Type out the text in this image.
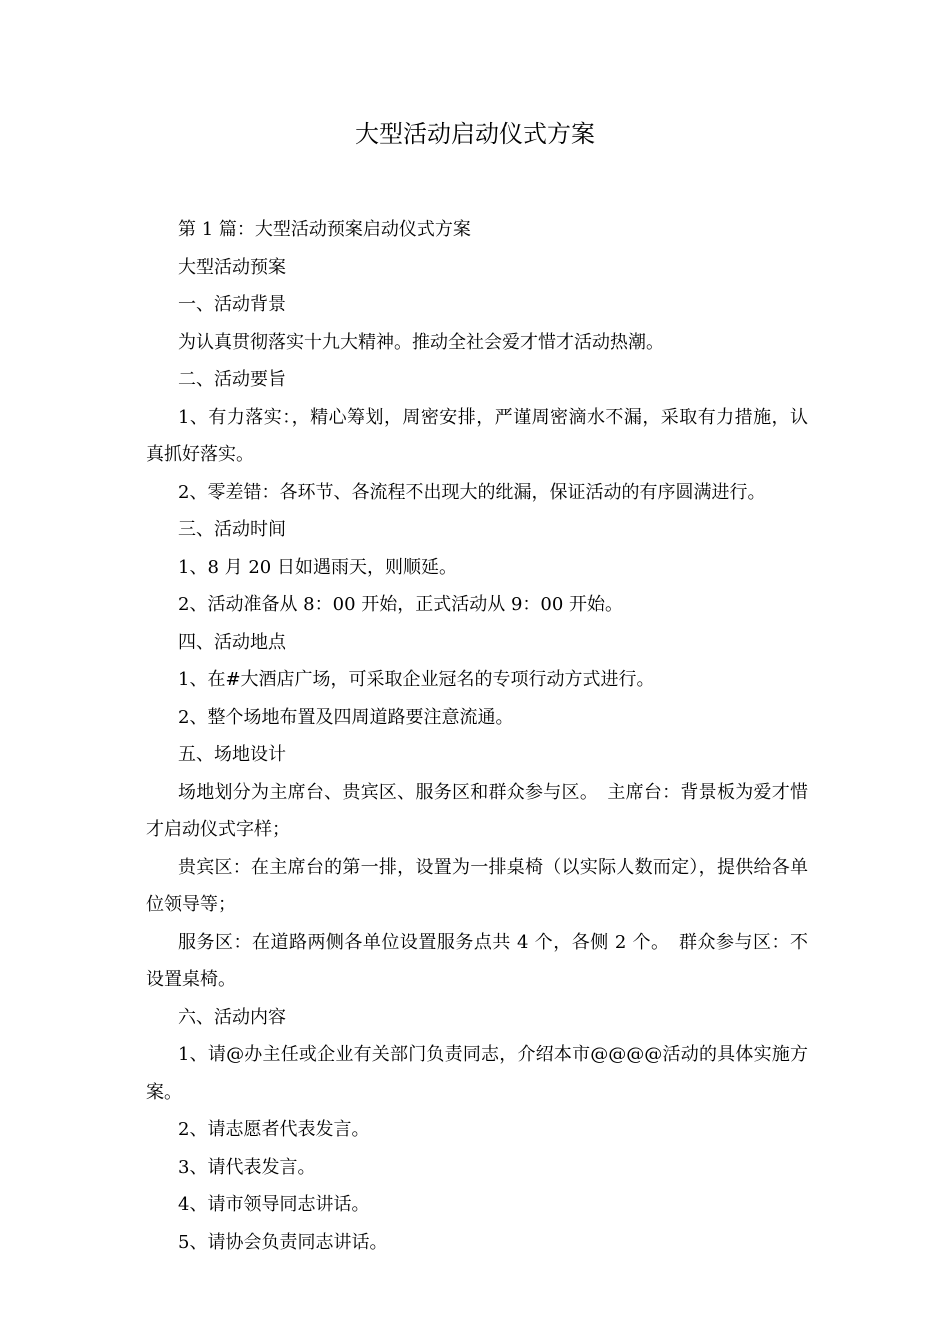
大型活动启动仪式方案

第 1 篇：大型活动预案启动仪式方案

大型活动预案

一、活动背景

为认真贯彻落实十九大精神。推动全社会爱才惜才活动热潮。

二、活动要旨

1、有力落实：，精心筹划，周密安排，严谨周密滴水不漏，采取有力措施，认真抓好落实。

2、零差错：各环节、各流程不出现大的纰漏，保证活动的有序圆满进行。

三、活动时间

1、8 月 20 日如遇雨天，则顺延。

2、活动准备从 8：00 开始，正式活动从 9：00 开始。

四、活动地点

1、在#大酒店广场，可采取企业冠名的专项行动方式进行。

2、整个场地布置及四周道路要注意流通。

五、场地设计

场地划分为主席台、贵宾区、服务区和群众参与区。　主席台：背景板为爱才惜才启动仪式字样；

贵宾区：在主席台的第一排，设置为一排桌椅（以实际人数而定），提供给各单位领导等；

服务区：在道路两侧各单位设置服务点共 4 个，各侧 2 个。　群众参与区：不设置桌椅。

六、活动内容

1、请@办主任或企业有关部门负责同志，介绍本市@@@@活动的具体实施方案。

2、请志愿者代表发言。

3、请代表发言。

4、请市领导同志讲话。

5、请协会负责同志讲话。
